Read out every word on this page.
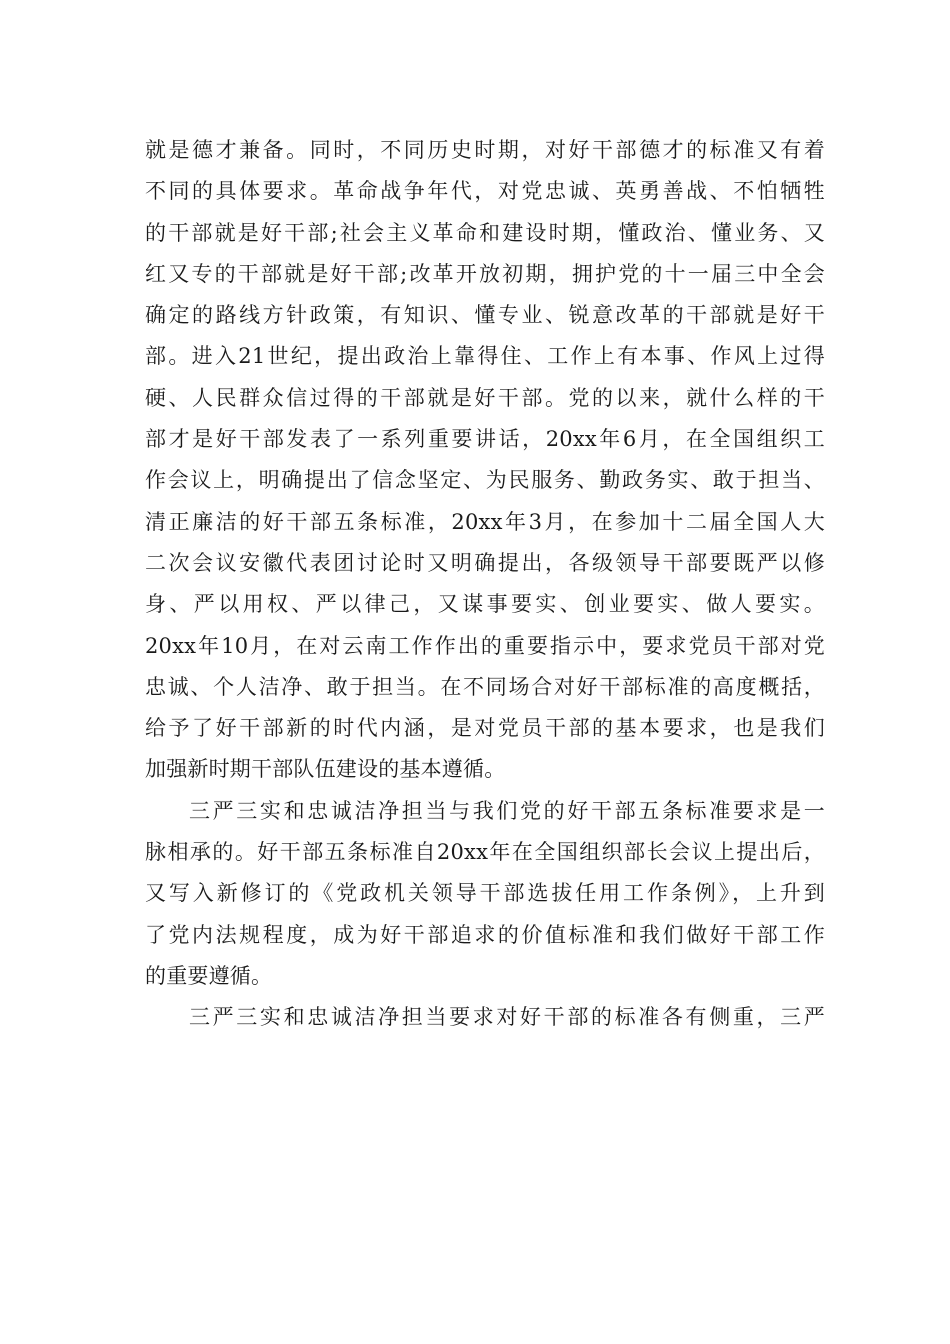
就是德才兼备。同时，不同历史时期，对好干部德才的标准又有着
不同的具体要求。革命战争年代，对党忠诚、英勇善战、不怕牺牲
的干部就是好干部;社会主义革命和建设时期，懂政治、懂业务、又
红又专的干部就是好干部;改革开放初期，拥护党的十一届三中全会
确定的路线方针政策，有知识、懂专业、锐意改革的干部就是好干
部。进入21世纪，提出政治上靠得住、工作上有本事、作风上过得
硬、人民群众信过得的干部就是好干部。党的以来，就什么样的干
部才是好干部发表了一系列重要讲话，20xx年6月，在全国组织工
作会议上，明确提出了信念坚定、为民服务、勤政务实、敢于担当、
清正廉洁的好干部五条标准，20xx年3月，在参加十二届全国人大
二次会议安徽代表团讨论时又明确提出，各级领导干部要既严以修
身、严以用权、严以律己，又谋事要实、创业要实、做人要实。
20xx年10月，在对云南工作作出的重要指示中，要求党员干部对党
忠诚、个人洁净、敢于担当。在不同场合对好干部标准的高度概括，
给予了好干部新的时代内涵，是对党员干部的基本要求，也是我们
加强新时期干部队伍建设的基本遵循。
三严三实和忠诚洁净担当与我们党的好干部五条标准要求是一
脉相承的。好干部五条标准自20xx年在全国组织部长会议上提出后，
又写入新修订的《党政机关领导干部选拔任用工作条例》，上升到
了党内法规程度，成为好干部追求的价值标准和我们做好干部工作
的重要遵循。
三严三实和忠诚洁净担当要求对好干部的标准各有侧重，三严
